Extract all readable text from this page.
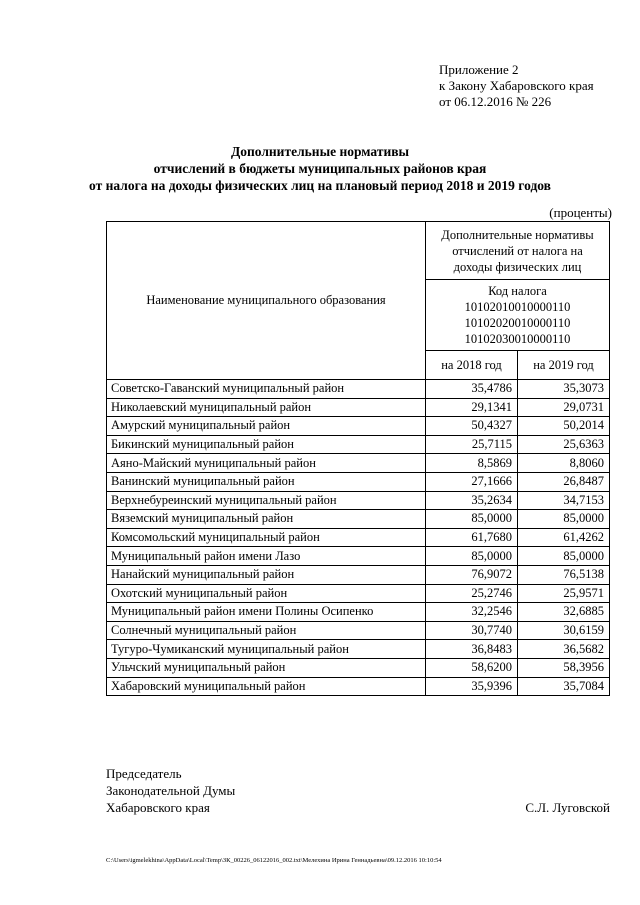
Приложение 2
к Закону Хабаровского края
от 06.12.2016 № 226
Дополнительные нормативы
отчислений в бюджеты муниципальных районов края
от налога на доходы физических лиц на плановый период 2018 и 2019 годов
(проценты)
Наименование муниципального образования	Дополнительные нормативы
отчислений от налога на
доходы физических лиц	

	Код налога
10102010010000110
10102020010000110
10102030010000110	

	на 2018 год	на 2019 год
Советско-Гаванский муниципальный район	35,4786	35,3073
Николаевский муниципальный район	29,1341	29,0731
Амурский муниципальный район	50,4327	50,2014
Бикинский муниципальный район	25,7115	25,6363
Аяно-Майский муниципальный район	8,5869	8,8060
Ванинский муниципальный район	27,1666	26,8487
Верхнебуреинский муниципальный район	35,2634	34,7153
Вяземский муниципальный район	85,0000	85,0000
Комсомольский муниципальный район	61,7680	61,4262
Муниципальный район имени Лазо	85,0000	85,0000
Нанайский муниципальный район	76,9072	76,5138
Охотский муниципальный район	25,2746	25,9571
Муниципальный район имени Полины Осипенко	32,2546	32,6885
Солнечный муниципальный район	30,7740	30,6159
Тугуро-Чумиканский муниципальный район	36,8483	36,5682
Ульчский муниципальный район	58,6200	58,3956
Хабаровский муниципальный район	35,9396	35,7084
Председатель
Законодательной Думы
Хабаровского края	С.Л. Луговской
C:\Users\igmelekhina\AppData\Local\Temp\ЗК_00226_06122016_002.txt\Мелехина Ирина Геннадьевна\09.12.2016 10:10:54
